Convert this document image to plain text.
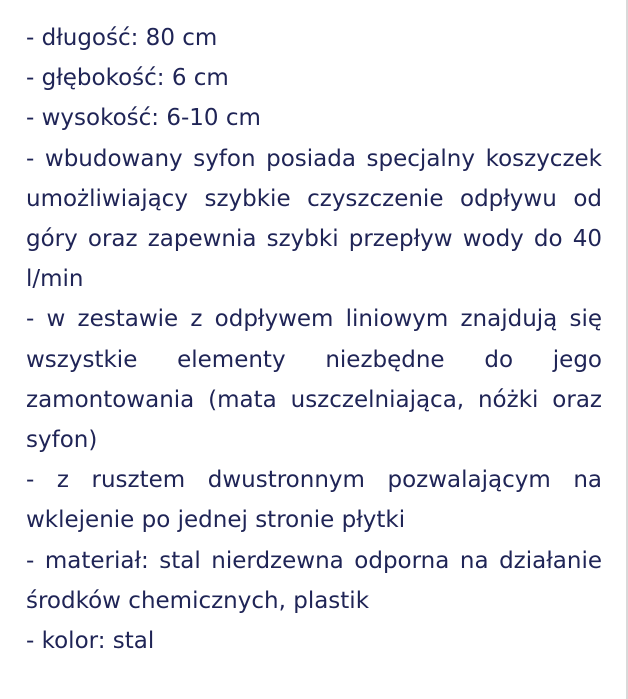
- długość: 80 cm
- głębokość: 6 cm
- wysokość: 6-10 cm
- wbudowany syfon posiada specjalny koszyczek umożliwiający szybkie czyszczenie odpływu od góry oraz zapewnia szybki przepływ wody do 40 l/min
- w zestawie z odpływem liniowym znajdują się wszystkie elementy niezbędne do jego zamontowania (mata uszczelniająca, nóżki oraz syfon)
- z rusztem dwustronnym pozwalającym na wklejenie po jednej stronie płytki
- materiał: stal nierdzewna odporna na działanie środków chemicznych, plastik
- kolor: stal
